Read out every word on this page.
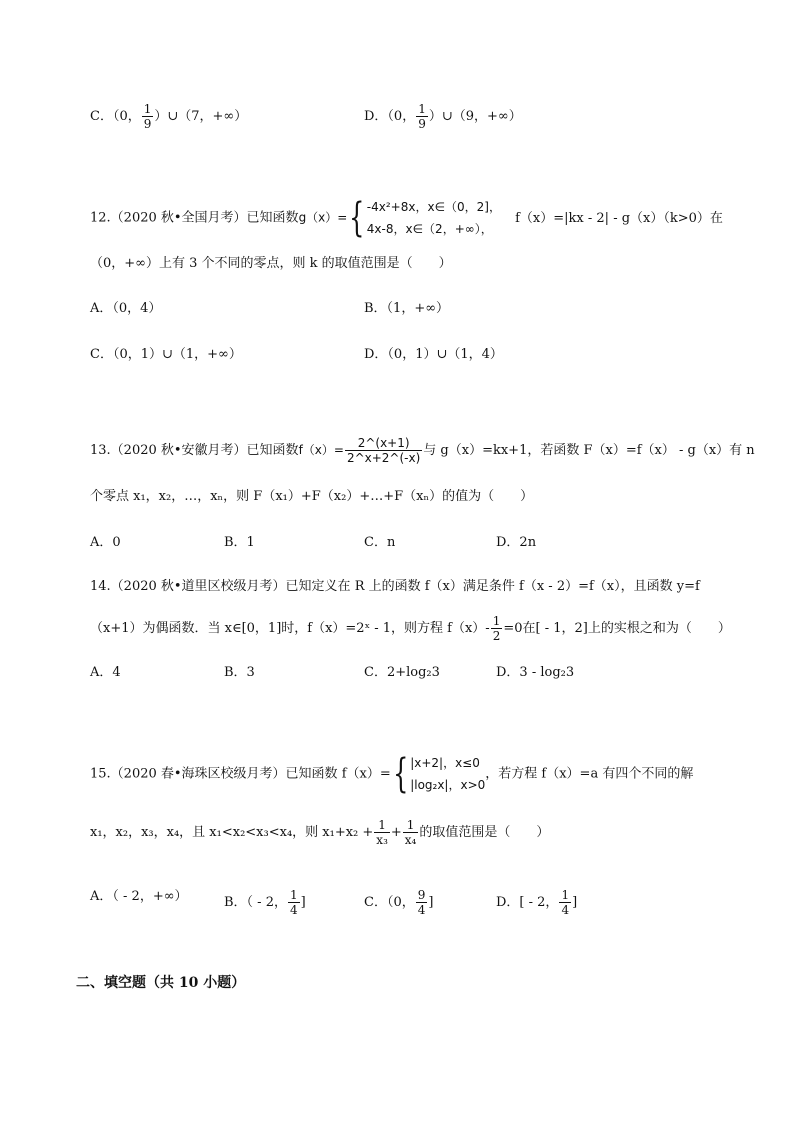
C．（0， $\frac{1}{9}$ ）∪（7，+∞）	D．（0， $\frac{1}{9}$ ）∪（9，+∞）
12.（2020 秋•全国月考）已知函数g（x）={ -4x²+8x，x∈（0，2]，
4x-8，x∈（2，+∞），
f（x）=|kx - 2| - g（x）（k>0）在
（0，+∞）上有 3 个不同的零点，则 k 的取值范围是（　　）
A．（0，4）	B．（1，+∞）
C．（0，1）∪（1，+∞）	D．（0，1）∪（1，4）
13.（2020 秋•安徽月考）已知函数$f(x)= \frac{2\^{}(x+1)}{2\^{}x+2\^{}(-x)}$ 与 g（x）=kx+1，若函数 F（x）=f（x） - g（x）有 n
个零点 x₁，x₂，…，xₙ，则 F（x₁）+F（x₂）+…+F（xₙ）的值为（　　）
A．0	B．1	C．n	D．2n
14.（2020 秋•道里区校级月考）已知定义在 R 上的函数 f（x）满足条件 f（x - 2）=f（x），且函数 y=f
（x+1）为偶函数．当 x∈[0，1]时，f（x）=2ˣ - 1，则方程 $f(x)- \frac{1}{2} =0$在[ - 1，2]上的实根之和为（　　）
A．4	B．3	C．2+log₂3	D．3 - log₂3
15.（2020 春•海珠区校级月考）已知函数 f（x）={ |x+2|，x≤0
|log₂x|，x>0
，若方程 f（x）=a 有四个不同的解
x₁，x₂，x₃，x₄，且 x₁<x₂<x₃<x₄，则 $x_1+x_2 + \frac{1}{\text{x₃}} + \frac{1}{\text{x₄}}$ 的取值范围是（　　）
A．（ - 2，+∞）	B．（ - 2， $\frac{1}{4}$ ]	C．（0， $\frac{9}{4}$ ]	D．[ - 2， $\frac{1}{4}$ ]
二、填空题（共 10 小题）
